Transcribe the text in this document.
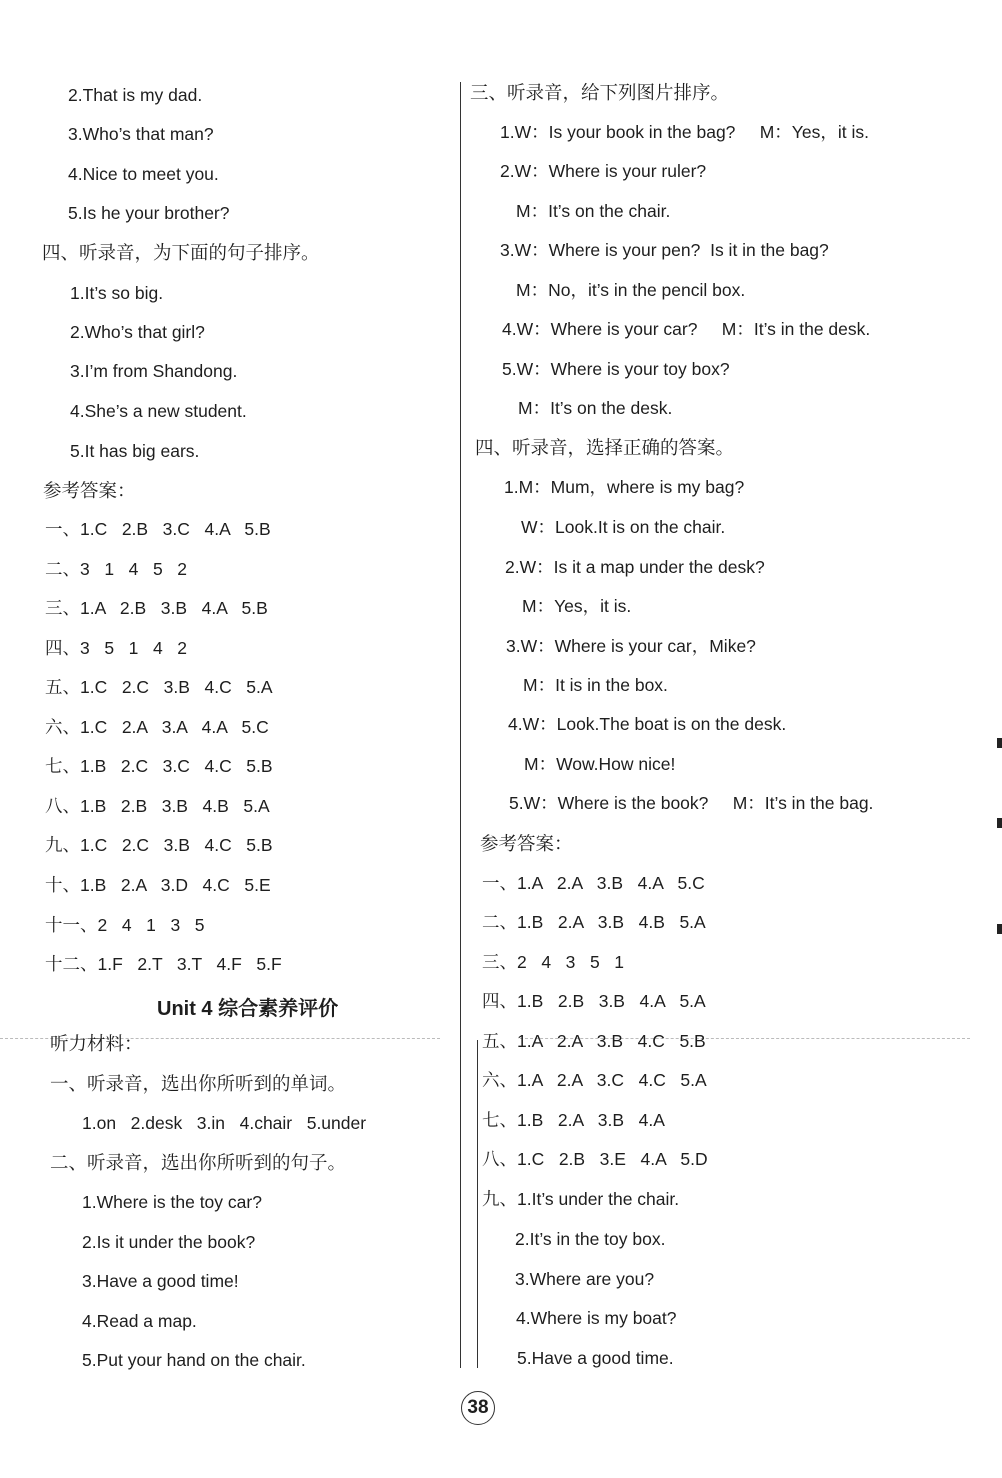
2.That is my dad.
3.Who’s that man?
4.Nice to meet you.
5.Is he your brother?
四、听录音，为下面的句子排序。
1.It’s so big.
2.Who’s that girl?
3.I’m from Shandong.
4.She’s a new student.
5.It has big ears.
参考答案：
一、1.C   2.B   3.C   4.A   5.B
二、3   1   4   5   2
三、1.A   2.B   3.B   4.A   5.B
四、3   5   1   4   2
五、1.C   2.C   3.B   4.C   5.A
六、1.C   2.A   3.A   4.A   5.C
七、1.B   2.C   3.C   4.C   5.B
八、1.B   2.B   3.B   4.B   5.A
九、1.C   2.C   3.B   4.C   5.B
十、1.B   2.A   3.D   4.C   5.E
十一、2   4   1   3   5
十二、1.F   2.T   3.T   4.F   5.F
Unit 4 综合素养评价
听力材料：
一、听录音，选出你所听到的单词。
1.on   2.desk   3.in   4.chair   5.under
二、听录音，选出你所听到的句子。
1.Where is the toy car?
2.Is it under the book?
3.Have a good time!
4.Read a map.
5.Put your hand on the chair.
三、听录音，给下列图片排序。
1.W：Is your book in the bag?     M：Yes，it is.
2.W：Where is your ruler?
M：It’s on the chair.
3.W：Where is your pen?  Is it in the bag?
M：No，it’s in the pencil box.
4.W：Where is your car?     M：It’s in the desk.
5.W：Where is your toy box?
M：It’s on the desk.
四、听录音，选择正确的答案。
1.M：Mum，where is my bag?
W：Look.It is on the chair.
2.W：Is it a map under the desk?
M：Yes，it is.
3.W：Where is your car，Mike?
M：It is in the box.
4.W：Look.The boat is on the desk.
M：Wow.How nice!
5.W：Where is the book?     M：It’s in the bag.
参考答案：
一、1.A   2.A   3.B   4.A   5.C
二、1.B   2.A   3.B   4.B   5.A
三、2   4   3   5   1
四、1.B   2.B   3.B   4.A   5.A
五、1.A   2.A   3.B   4.C   5.B
六、1.A   2.A   3.C   4.C   5.A
七、1.B   2.A   3.B   4.A
八、1.C   2.B   3.E   4.A   5.D
九、1.It’s under the chair.
2.It’s in the toy box.
3.Where are you?
4.Where is my boat?
5.Have a good time.
38
